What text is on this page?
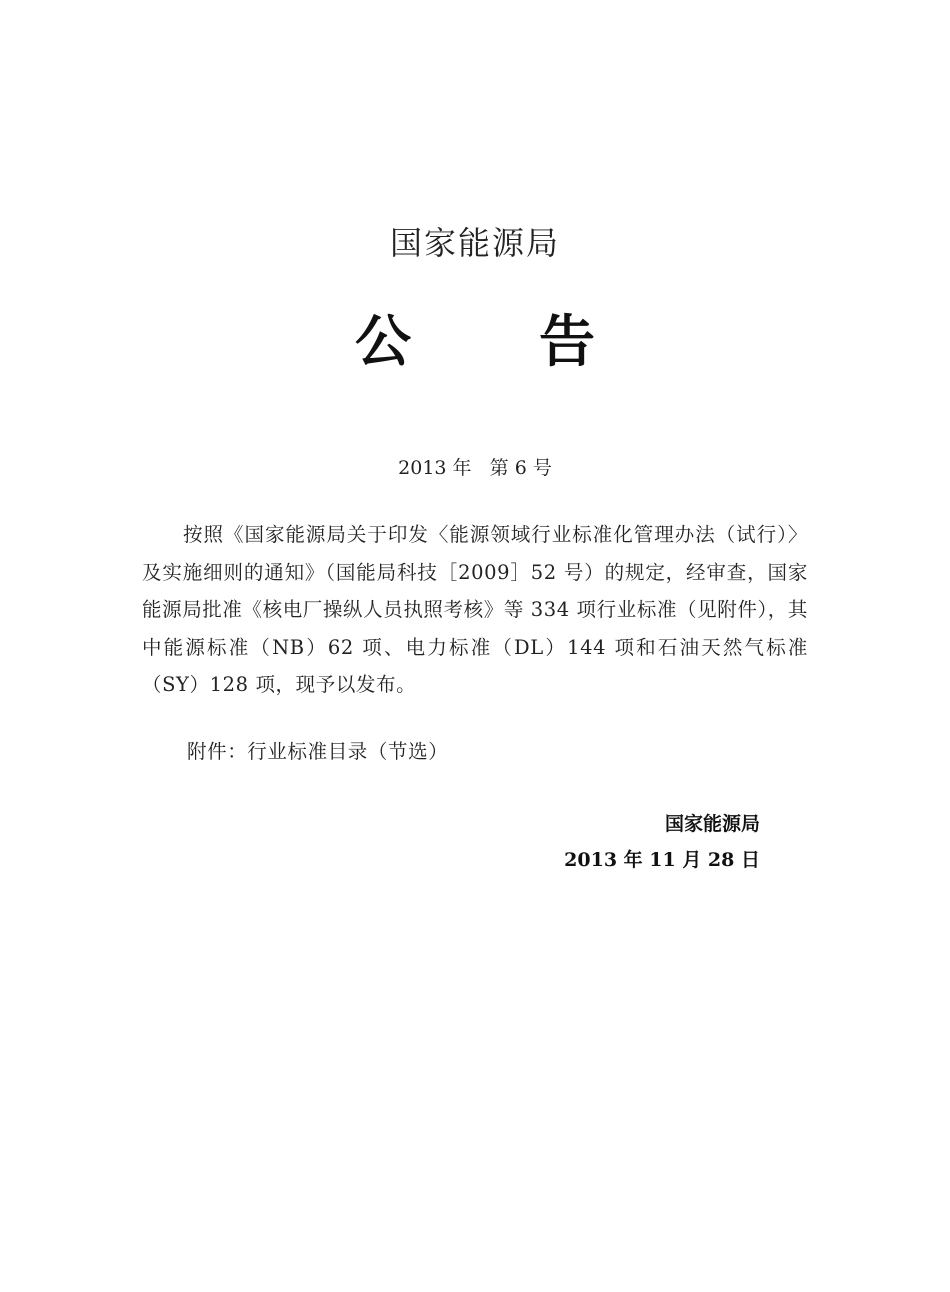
国家能源局
公告
2013 年   第 6 号

按照《国家能源局关于印发〈能源领域行业标准化管理办法（试行）〉及实施细则的通知》（国能局科技［2009］52 号）的规定，经审查，国家能源局批准《核电厂操纵人员执照考核》等 334 项行业标准（见附件），其中能源标准（NB）62 项、电力标准（DL）144 项和石油天然气标准（SY）128 项，现予以发布。

附件：行业标准目录（节选）
国家能源局
2013 年 11 月 28 日
